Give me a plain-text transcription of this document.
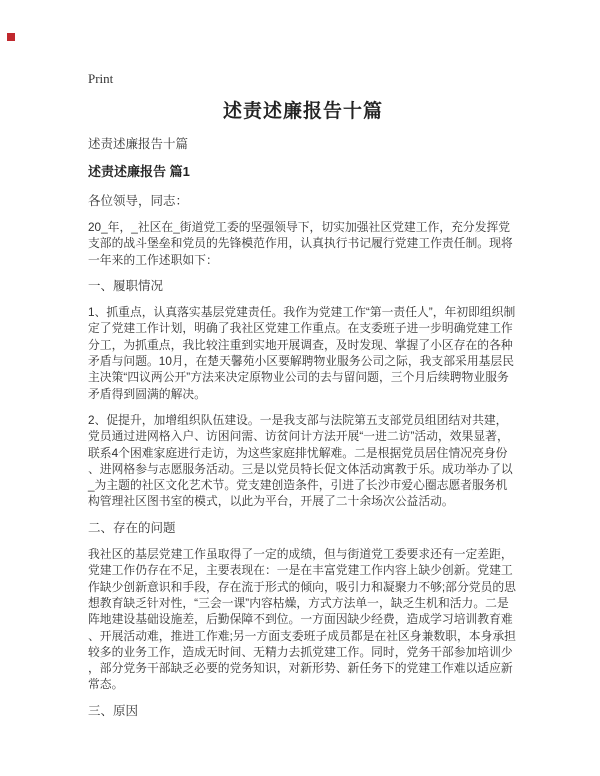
Print
述责述廉报告十篇

述责述廉报告十篇

述责述廉报告 篇1

各位领导，同志：

20_年，_社区在_街道党工委的坚强领导下，切实加强社区党建工作，充分发挥党支部的战斗堡垒和党员的先锋模范作用，认真执行书记履行党建工作责任制。现将一年来的工作述职如下：

一、履职情况

1、抓重点，认真落实基层党建责任。我作为党建工作“第一责任人”，年初即组织制定了党建工作计划，明确了我社区党建工作重点。在支委班子进一步明确党建工作分工，为抓重点，我比较注重到实地开展调查，及时发现、掌握了小区存在的各种矛盾与问题。10月，在楚天馨苑小区要解聘物业服务公司之际，我支部采用基层民主决策“四议两公开”方法来决定原物业公司的去与留问题，三个月后续聘物业服务矛盾得到圆满的解决。

2、促提升，加增组织队伍建设。一是我支部与法院第五支部党员组团结对共建，党员通过进网格入户、访困问需、访贫问计方法开展“一进二访”活动，效果显著，联系4个困难家庭进行走访，为这些家庭排忧解难。二是根据党员居住情况亮身份、进网格参与志愿服务活动。三是以党员特长促文体活动寓教于乐。成功举办了以_为主题的社区文化艺术节。党支建创造条件，引进了长沙市爱心圈志愿者服务机构管理社区图书室的模式，以此为平台，开展了二十余场次公益活动。

二、存在的问题

我社区的基层党建工作虽取得了一定的成绩，但与街道党工委要求还有一定差距，党建工作仍存在不足，主要表现在：一是在丰富党建工作内容上缺少创新。党建工作缺少创新意识和手段，存在流于形式的倾向，吸引力和凝聚力不够;部分党员的思想教育缺乏针对性，“三会一课”内容枯燥，方式方法单一，缺乏生机和活力。二是阵地建设基础设施差，后勤保障不到位。一方面因缺少经费，造成学习培训教育难、开展活动难，推进工作难;另一方面支委班子成员都是在社区身兼数职，本身承担较多的业务工作，造成无时间、无精力去抓党建工作。同时，党务干部参加培训少，部分党务干部缺乏必要的党务知识，对新形势、新任务下的党建工作难以适应新常态。

三、原因
